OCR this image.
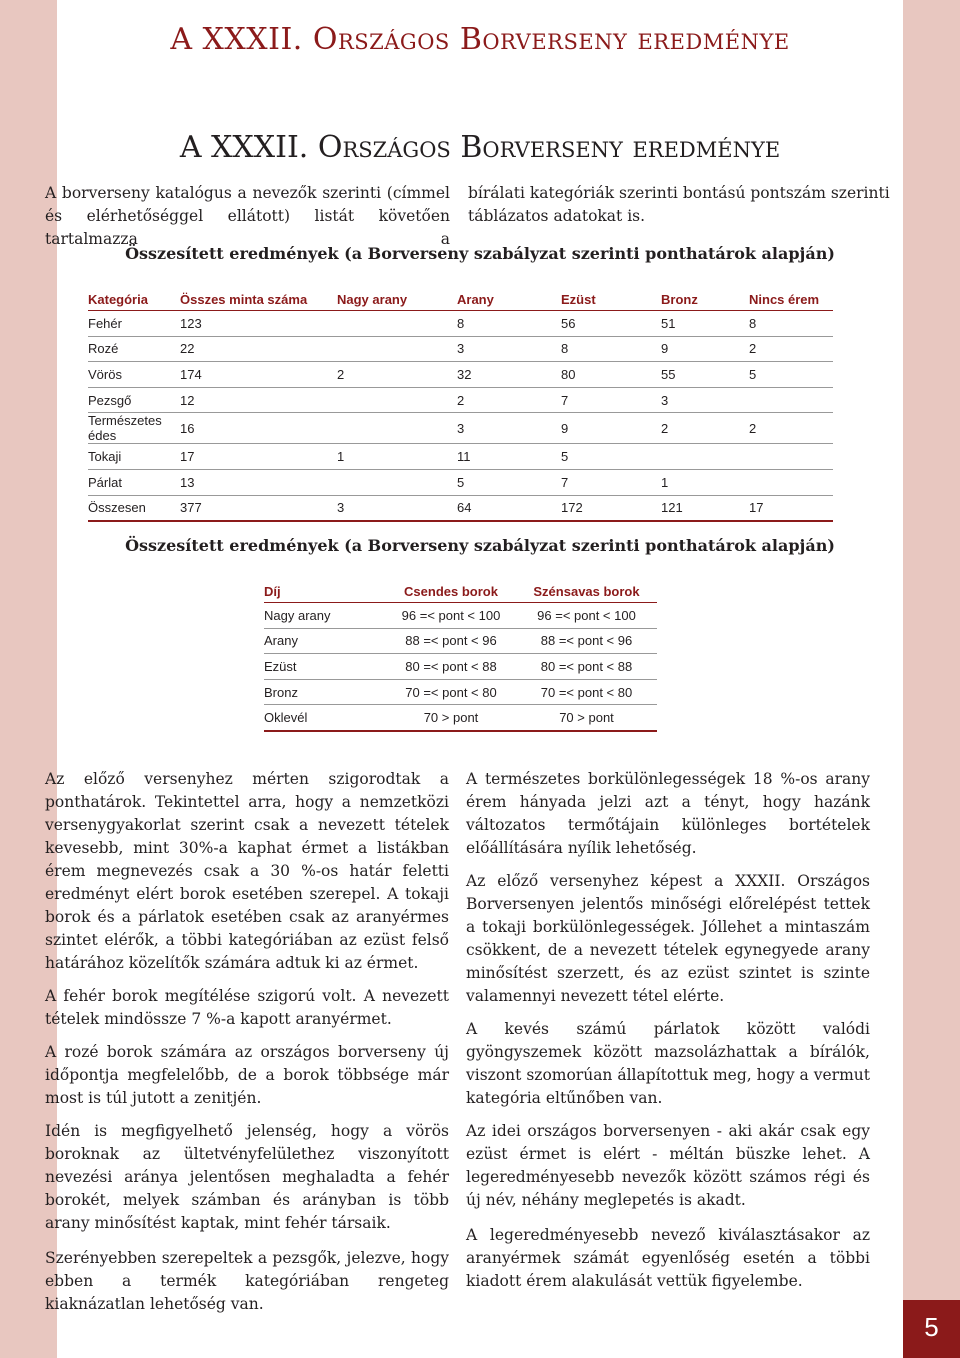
A XXXII. Országos Borverseny eredménye
A XXXII. Országos Borverseny eredménye
A borverseny katalógus a nevezők szerinti (címmel és elérhetőséggel ellátott) listát követően tartalmazza a
bírálati kategóriák szerinti bontású pontszám szerinti táblázatos adatokat is.
Összesített eredmények (a Borverseny szabályzat szerinti ponthatárok alapján)
Kategória	Összes minta száma	Nagy arany	Arany	Ezüst	Bronz	Nincs érem
Fehér	123		8	56	51	8
Rozé	22		3	8	9	2
Vörös	174	2	32	80	55	5
Pezsgő	12		2	7	3	
Természetes édes	16		3	9	2	2
Tokaji	17	1	11	5		
Párlat	13		5	7	1	
Összesen	377	3	64	172	121	17
Összesített eredmények (a Borverseny szabályzat szerinti ponthatárok alapján)
Díj	Csendes borok	Szénsavas borok
Nagy arany	96 =< pont < 100	96 =< pont < 100
Arany	88 =< pont < 96	88 =< pont < 96
Ezüst	80 =< pont < 88	80 =< pont < 88
Bronz	70 =< pont < 80	70 =< pont < 80
Oklevél	70 > pont	70 > pont

Az előző versenyhez mérten szigorodtak a ponthatárok. Tekintettel arra, hogy a nemzetközi versenygyakorlat szerint csak a nevezett tételek kevesebb, mint 30%-a kaphat érmet a listákban érem megnevezés csak a 30 %-os határ feletti eredményt elért borok esetében szerepel. A tokaji borok és a párlatok esetében csak az aranyérmes szintet elérők, a többi kategóriában az ezüst felső határához közelítők számára adtuk ki az érmet.

A fehér borok megítélése szigorú volt. A nevezett tételek mindössze 7 %-a kapott aranyérmet.

A rozé borok számára az országos borverseny új időpontja megfelelőbb, de a borok többsége már most is túl jutott a zenitjén.

Idén is megfigyelhető jelenség, hogy a vörös boroknak az ültetvényfelülethez viszonyított nevezési aránya jelentősen meghaladta a fehér borokét, melyek számban és arányban is több arany minősítést kaptak, mint fehér társaik.

Szerényebben szerepeltek a pezsgők, jelezve, hogy ebben a termék kategóriában rengeteg kiaknázatlan lehetőség van.

A természetes borkülönlegességek 18 %-os arany érem hányada jelzi azt a tényt, hogy hazánk változatos termőtájain különleges bortételek előállítására nyílik lehetőség.

Az előző versenyhez képest a XXXII. Országos Borversenyen jelentős minőségi előrelépést tettek a tokaji borkülönlegességek. Jóllehet a mintaszám csökkent, de a nevezett tételek egynegyede arany minősítést szerzett, és az ezüst szintet is szinte valamennyi nevezett tétel elérte.

A kevés számú párlatok között valódi gyöngyszemek között mazsolázhattak a bírálók, viszont szomorúan állapítottuk meg, hogy a vermut kategória eltűnőben van.

Az idei országos borversenyen - aki akár csak egy ezüst érmet is elért - méltán büszke lehet. A legeredményesebb nevezők között számos régi és új név, néhány meglepetés is akadt.

A legeredményesebb nevező kiválasztásakor az aranyérmek számát egyenlőség esetén a többi kiadott érem alakulását vettük figyelembe.

5
